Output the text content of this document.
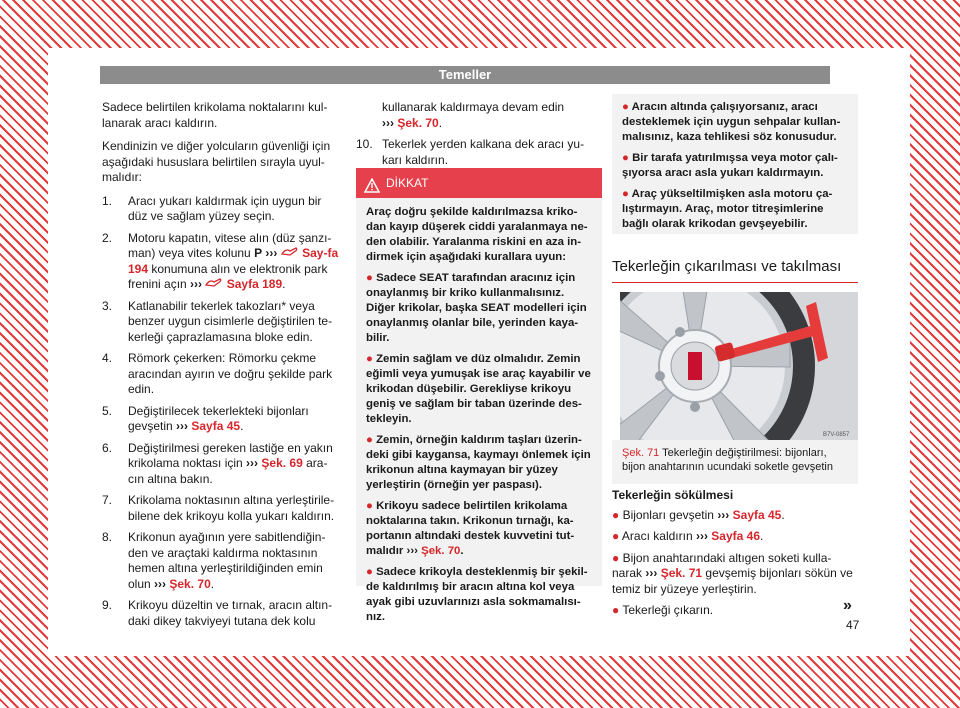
Temeller

Sadece belirtilen krikolama noktalarını kul-lanarak aracı kaldırın.

Kendinizin ve diğer yolcuların güvenliği için aşağıdaki hususlara belirtilen sırayla uyul-malıdır:

1. Aracı yukarı kaldırmak için uygun bir düz ve sağlam yüzey seçin.
2. Motoru kapatın, vitese alın (düz şanzı-man) veya vites kolunu P ››› Say-fa 194 konumuna alın ve elektronik park frenini açın ››› Sayfa 189.
3. Katlanabilir tekerlek takozları* veya benzer uygun cisimlerle değiştirilen te-kerleği çaprazlamasına bloke edin.
4. Römork çekerken: Römorku çekme aracından ayırın ve doğru şekilde park edin.
5. Değiştirilecek tekerlekteki bijonları gevşetin ››› Sayfa 45.
6. Değiştirilmesi gereken lastiğe en yakın krikolama noktası için ››› Şek. 69 ara-cın altına bakın.
7. Krikolama noktasının altına yerleştirile-bilene dek krikoyu kolla yukarı kaldırın.
8. Krikonun ayağının yere sabitlendiğin-den ve araçtaki kaldırma noktasının hemen altına yerleştirildiğinden emin olun ››› Şek. 70.
9. Krikoyu düzeltin ve tırnak, aracın altın-daki dikey takviyeyi tutana dek kolu
kullanarak kaldırmaya devam edin
››› Şek. 70.
10. Tekerlek yerden kalkana dek aracı yu-karı kaldırın.
DİKKAT

Araç doğru şekilde kaldırılmazsa kriko-dan kayıp düşerek ciddi yaralanmaya ne-den olabilir. Yaralanma riskini en aza in-dirmek için aşağıdaki kurallara uyun:

● Sadece SEAT tarafından aracınız için onaylanmış bir kriko kullanmalısınız. Diğer krikolar, başka SEAT modelleri için onaylanmış olanlar bile, yerinden kaya-bilir.

● Zemin sağlam ve düz olmalıdır. Zemin eğimli veya yumuşak ise araç kayabilir ve krikodan düşebilir. Gerekliyse krikoyu geniş ve sağlam bir taban üzerinde des-tekleyin.

● Zemin, örneğin kaldırım taşları üzerin-deki gibi kaygansa, kaymayı önlemek için krikonun altına kaymayan bir yüzey yerleştirin (örneğin yer paspası).

● Krikoyu sadece belirtilen krikolama noktalarına takın. Krikonun tırnağı, ka-portanın altındaki destek kuvvetini tut-malıdır ››› Şek. 70.

● Sadece krikoyla desteklenmiş bir şekil-de kaldırılmış bir aracın altına kol veya ayak gibi uzuvlarınızı asla sokmamalısı-nız.

● Aracın altında çalışıyorsanız, aracı desteklemek için uygun sehpalar kullan-malısınız, kaza tehlikesi söz konusudur.

● Bir tarafa yatırılmışsa veya motor çalı-şıyorsa aracı asla yukarı kaldırmayın.

● Araç yükseltilmişken asla motoru ça-lıştırmayın. Araç, motor titreşimlerine bağlı olarak krikodan gevşeyebilir.

Tekerleğin çıkarılması ve takılması
B7V-0857
Şek. 71 Tekerleğin değiştirilmesi: bijonları, bijon anahtarının ucundaki soketle gevşetin

Tekerleğin sökülmesi

● Bijonları gevşetin ››› Sayfa 45.

● Aracı kaldırın ››› Sayfa 46.

● Bijon anahtarındaki altıgen soketi kulla-narak ››› Şek. 71 gevşemiş bijonları sökün ve temiz bir yüzeye yerleştirin.

● Tekerleği çıkarın.	»
47
